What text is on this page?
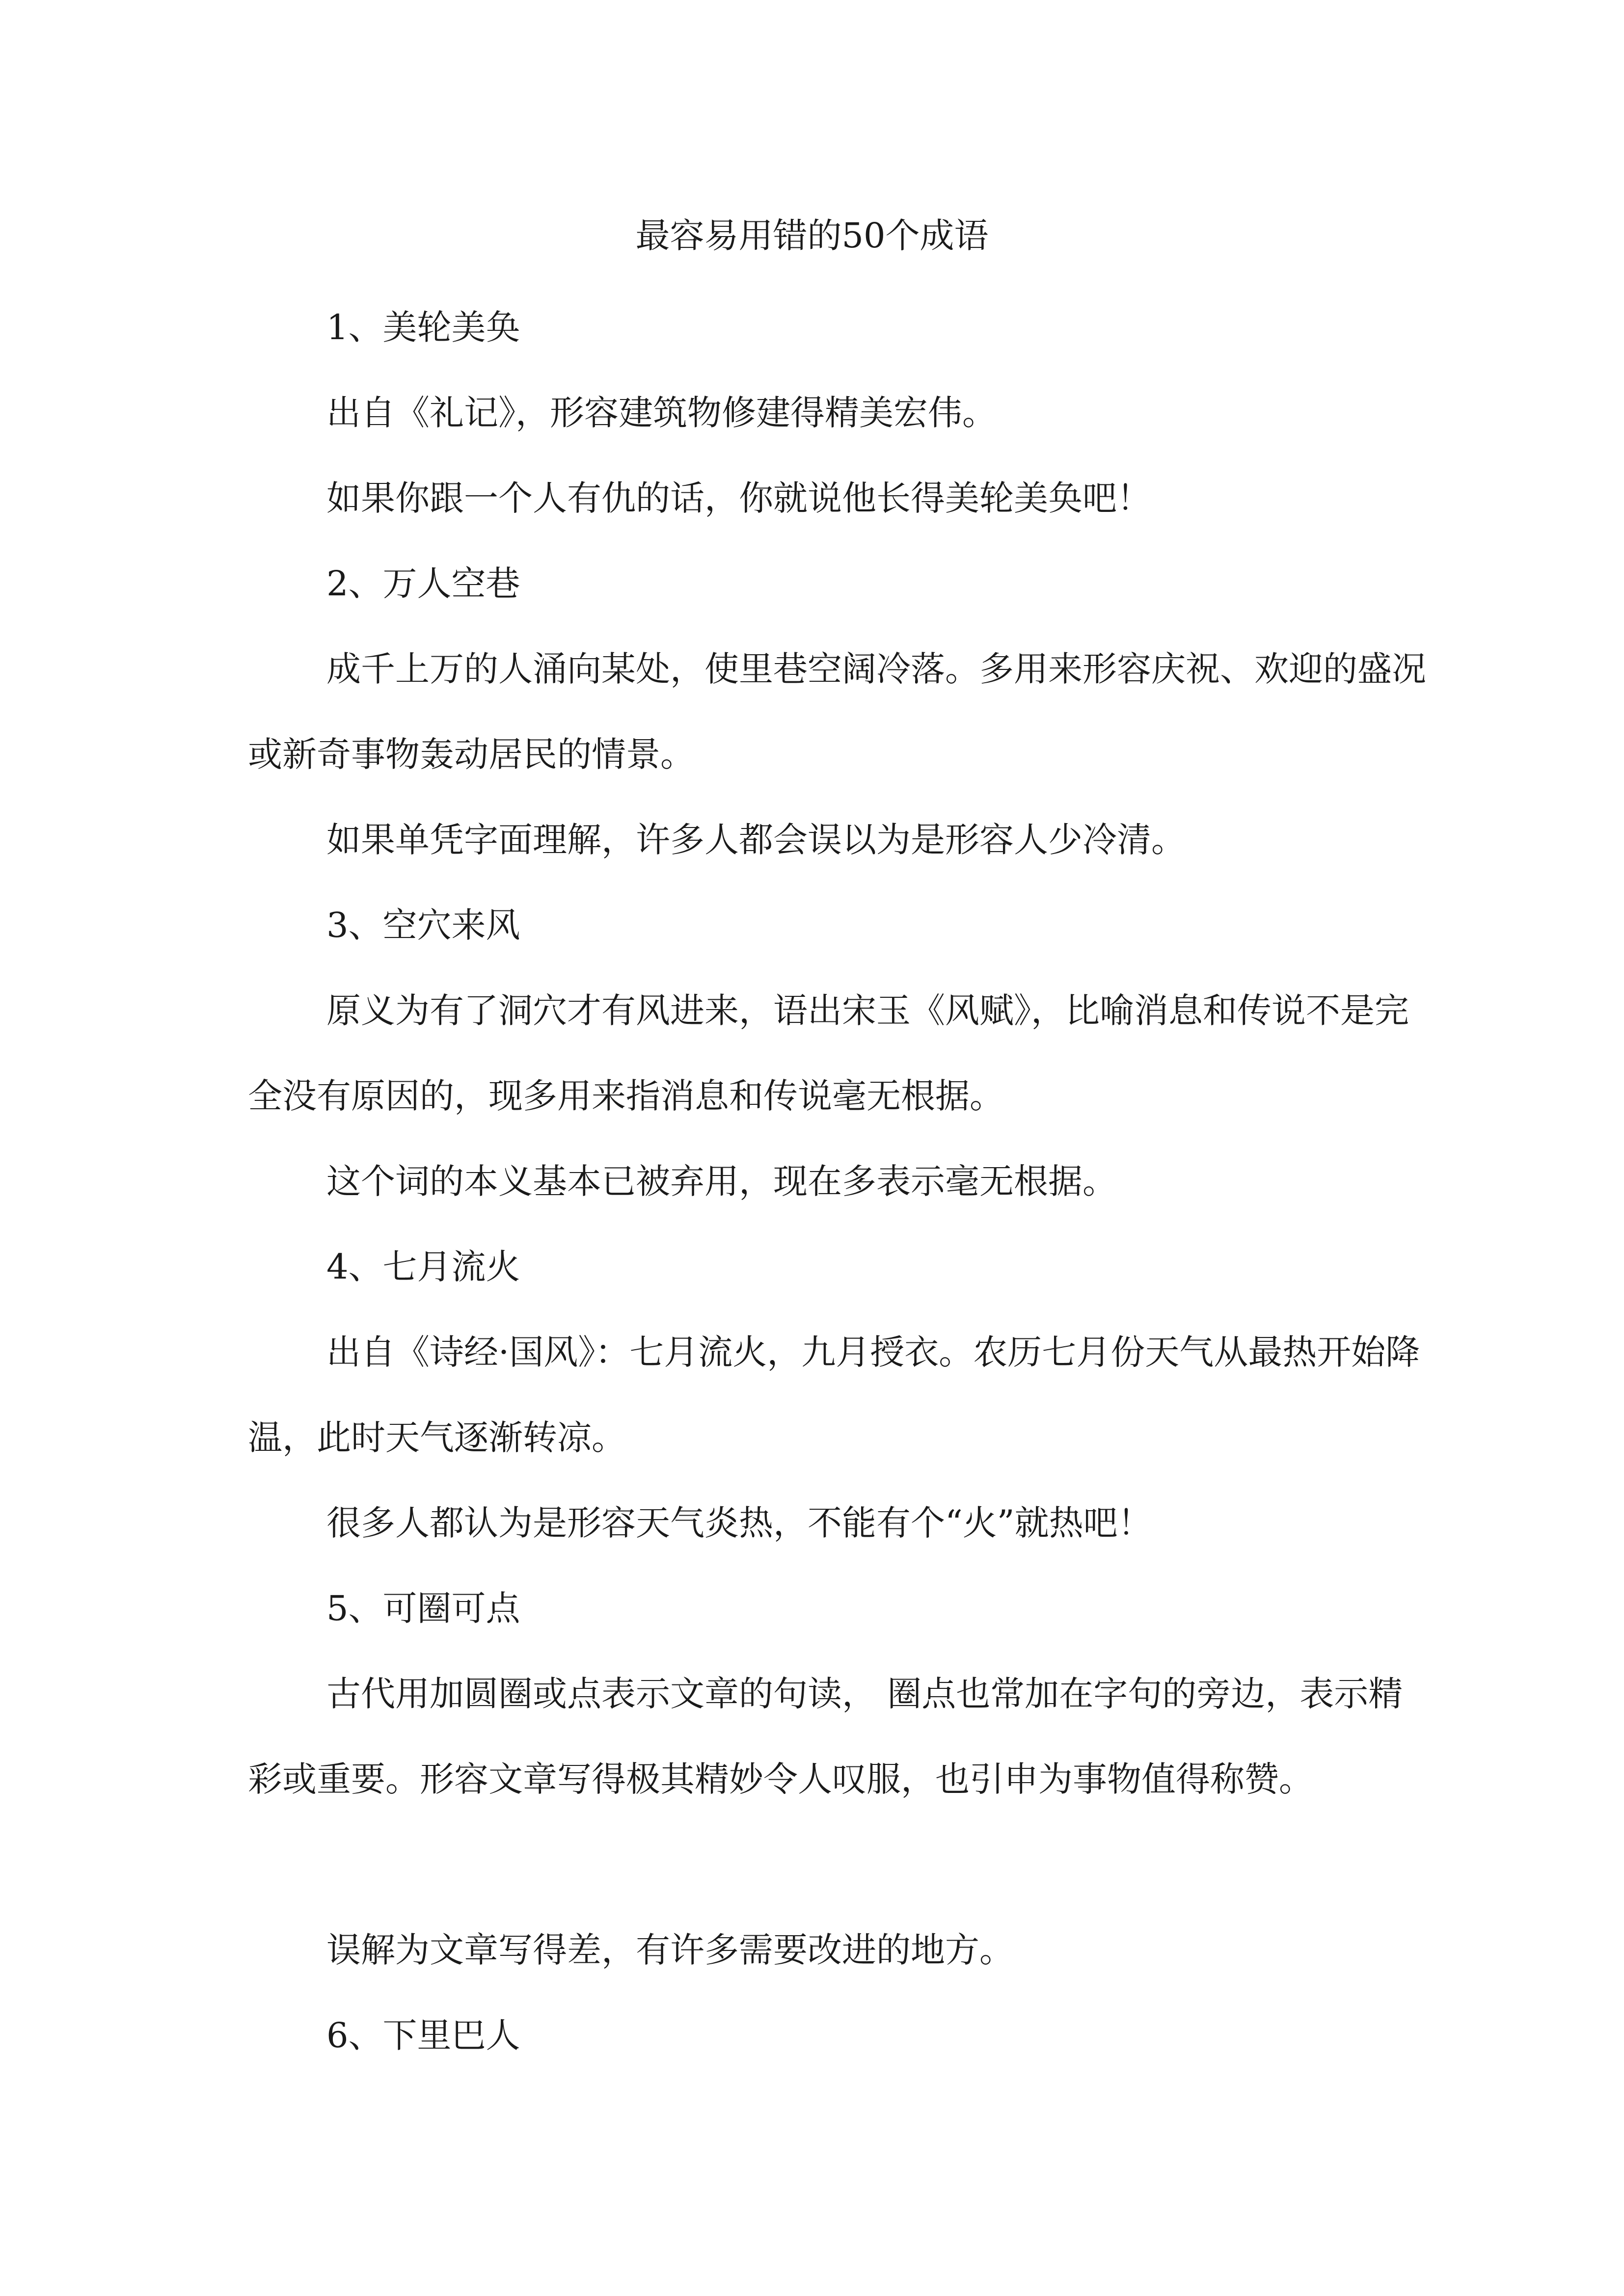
最容易用错的50个成语

1、美轮美奂

出自《礼记》，形容建筑物修建得精美宏伟。

如果你跟一个人有仇的话，你就说他长得美轮美奂吧！

2、万人空巷

成千上万的人涌向某处，使里巷空阔冷落。多用来形容庆祝、欢迎的盛况或新奇事物轰动居民的情景。

如果单凭字面理解，许多人都会误以为是形容人少冷清。

3、空穴来风

原义为有了洞穴才有风进来，语出宋玉《风赋》，比喻消息和传说不是完全没有原因的，现多用来指消息和传说毫无根据。

这个词的本义基本已被弃用，现在多表示毫无根据。

4、七月流火

出自《诗经·国风》：七月流火，九月授衣。农历七月份天气从最热开始降温，此时天气逐渐转凉。

很多人都认为是形容天气炎热，不能有个“火”就热吧！

5、可圈可点

古代用加圆圈或点表示文章的句读， 圈点也常加在字句的旁边，表示精彩或重要。形容文章写得极其精妙令人叹服，也引申为事物值得称赞。

误解为文章写得差，有许多需要改进的地方。

6、下里巴人
